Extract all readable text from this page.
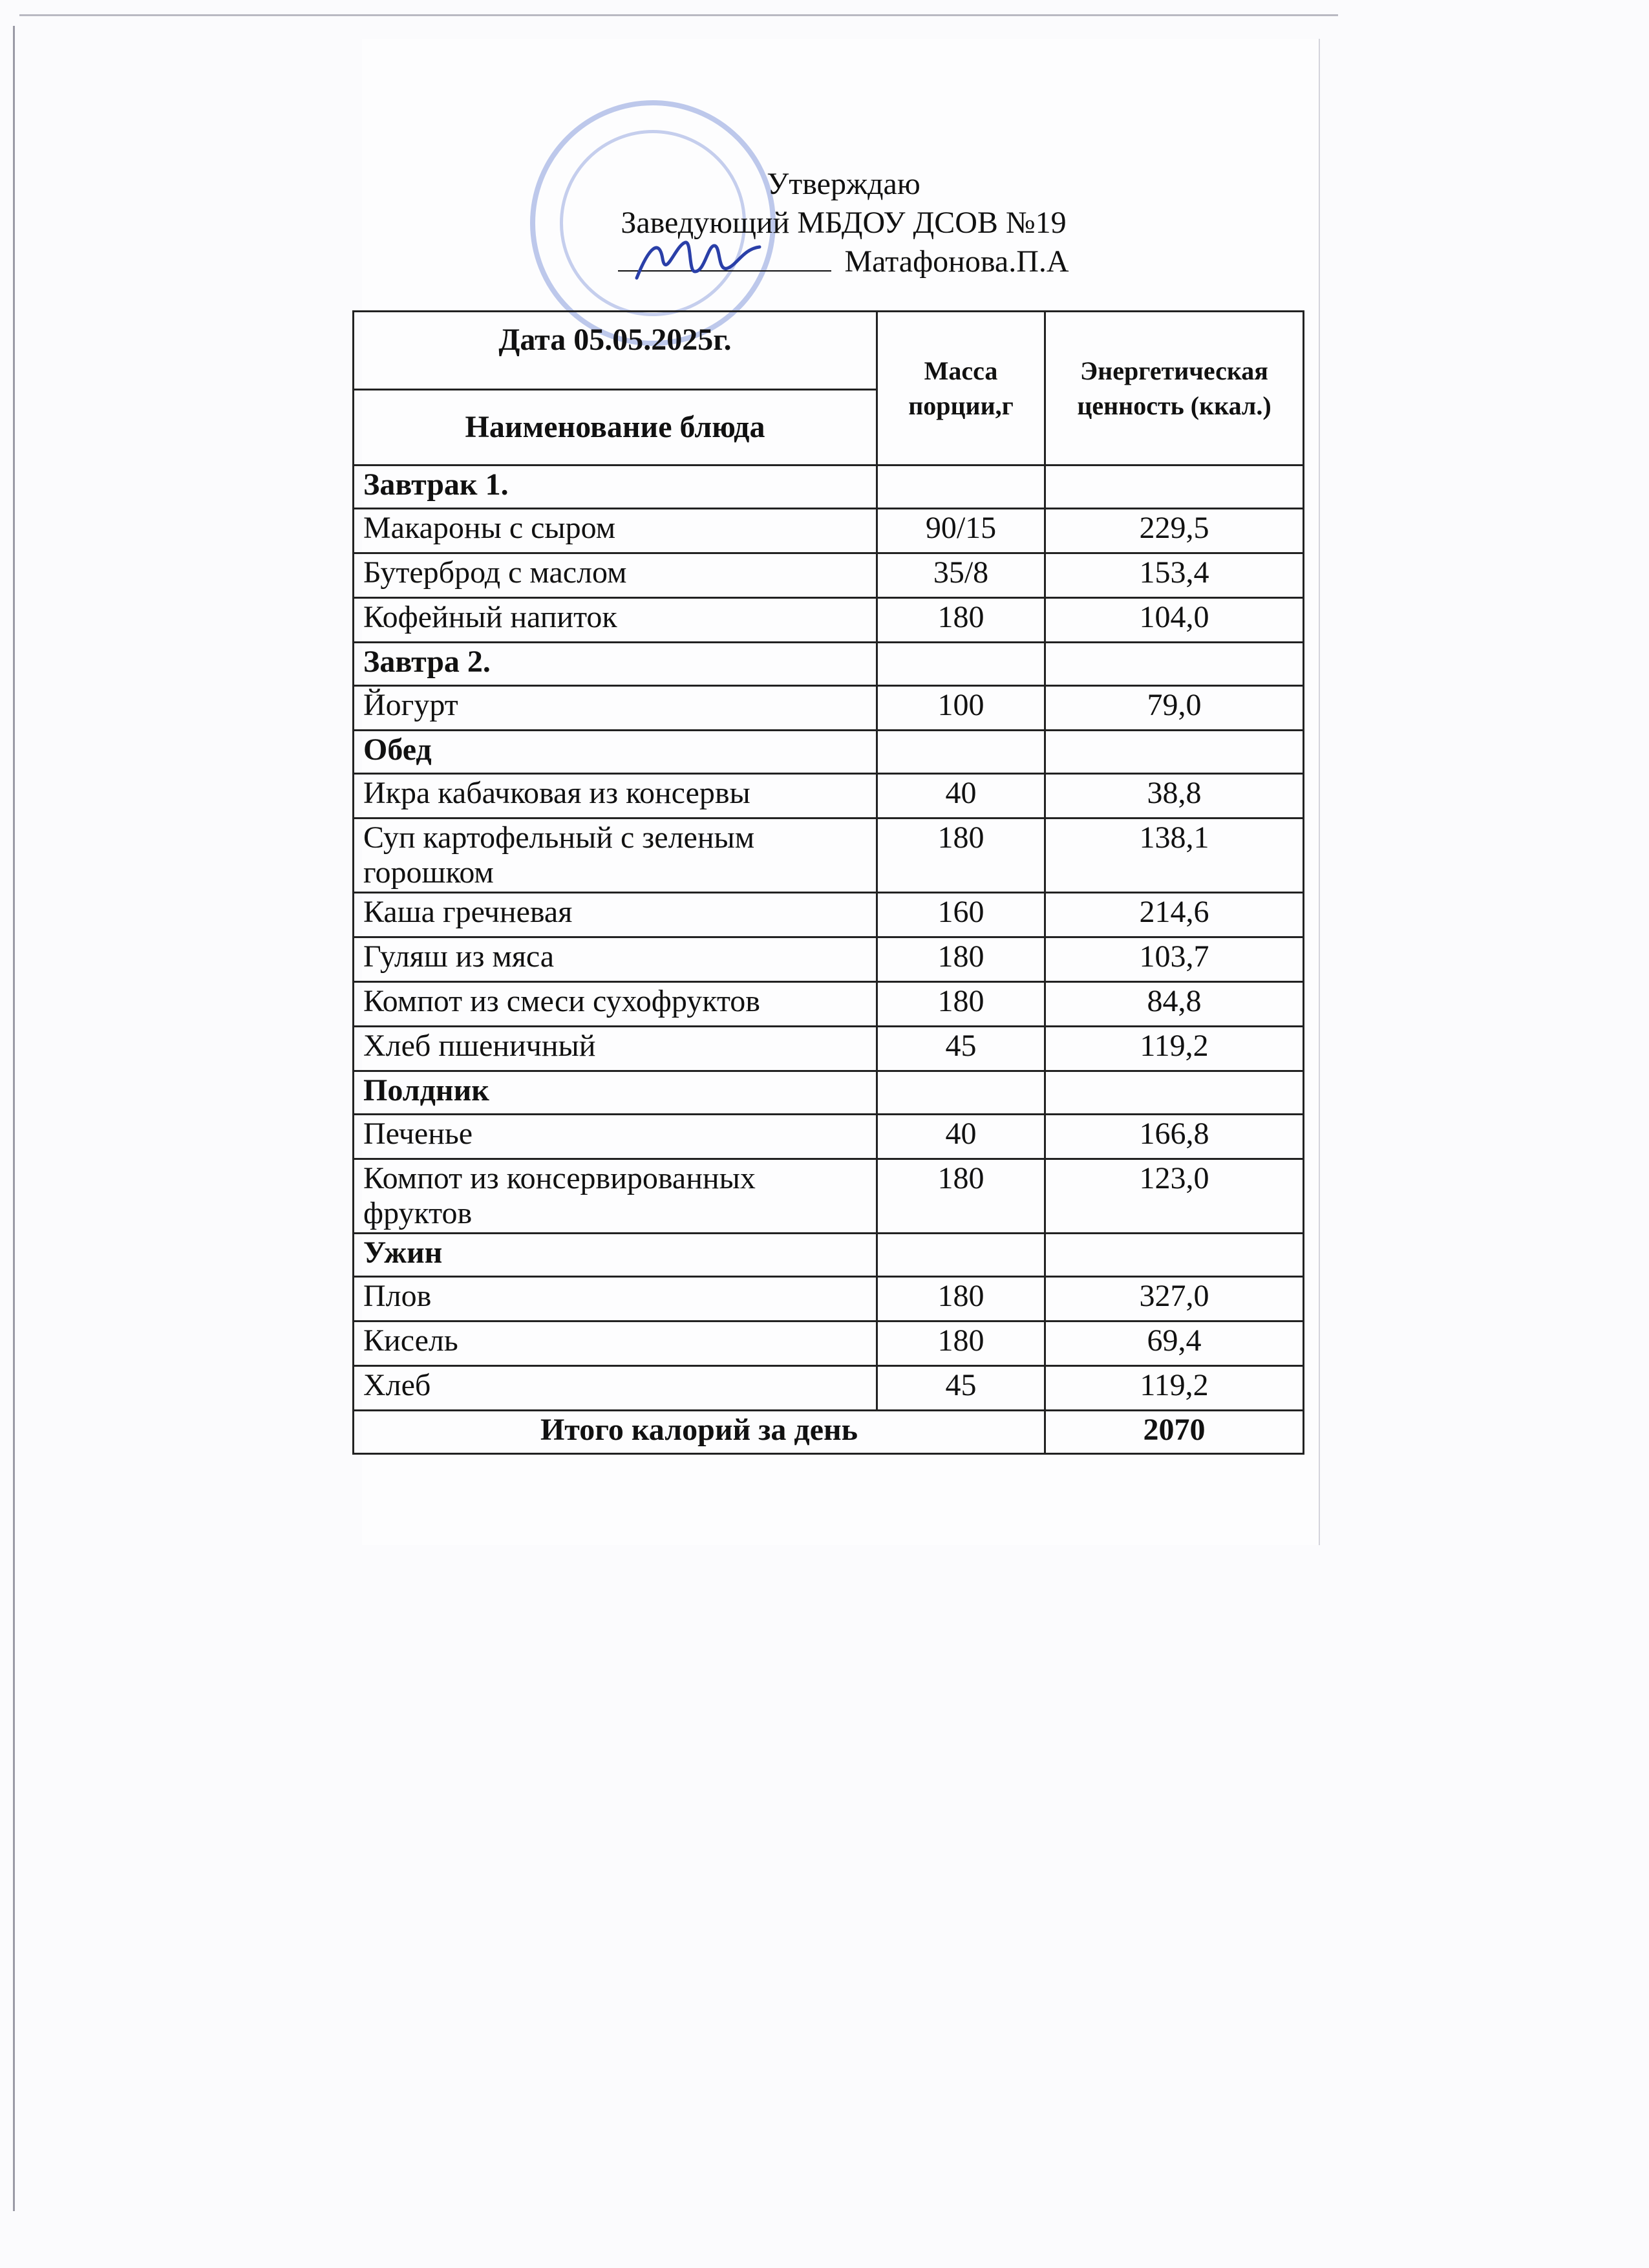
Утверждаю
Заведующий МБДОУ ДСОВ №19
Матафонова.П.А
Дата 05.05.2025г.	Масса порции,г	Энергетическая ценность (ккал.)
Наименование блюда		
Завтрак 1.		
Макароны с сыром	90/15	229,5
Бутерброд с маслом	35/8	153,4
Кофейный напиток	180	104,0
Завтра 2.		
Йогурт	100	79,0
Обед		
Икра кабачковая из консервы	40	38,8
Суп картофельный с зеленым горошком	180	138,1
Каша гречневая	160	214,6
Гуляш из мяса	180	103,7
Компот из смеси сухофруктов	180	84,8
Хлеб пшеничный	45	119,2
Полдник		
Печенье	40	166,8
Компот из консервированных фруктов	180	123,0
Ужин		
Плов	180	327,0
Кисель	180	69,4
Хлеб	45	119,2
Итого калорий за день		2070
